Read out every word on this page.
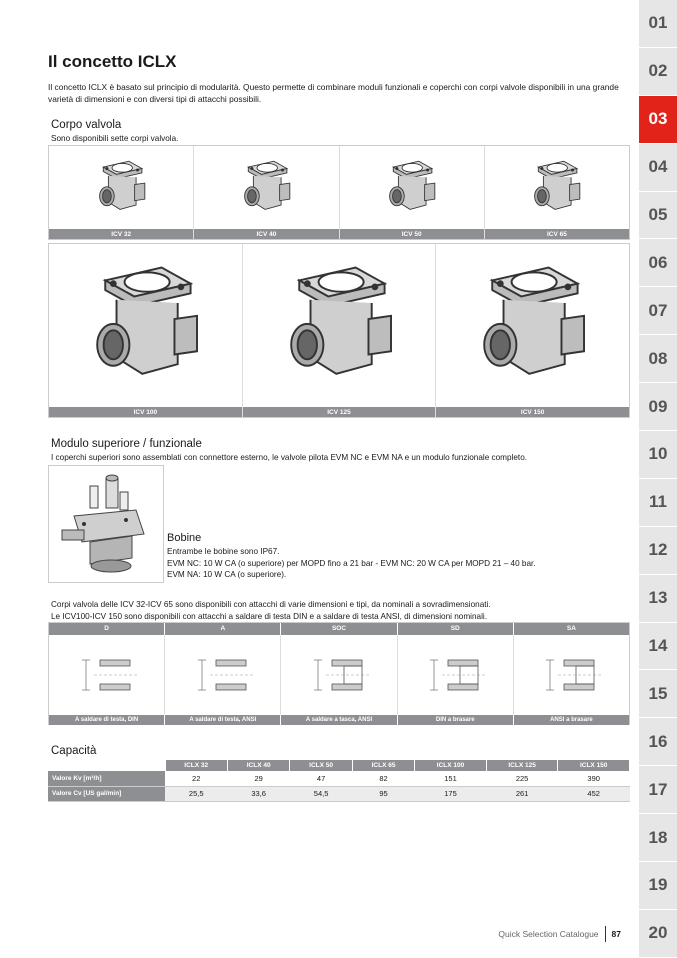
01
02
03
04
05
06
07
08
09
10
11
12
13
14
15
16
17
18
19
20
Il concetto ICLX
Il concetto ICLX è basato sul principio di modularità. Questo permette di combinare moduli funzionali e coperchi con corpi valvole disponibili in una grande varietà di dimensioni e con diversi tipi di attacchi possibili.
Corpo valvola
Sono disponibili sette corpi valvola.
ICV 32	ICV 40	ICV 50	ICV 65
ICV 100	ICV 125	ICV 150
Modulo superiore / funzionale
I coperchi superiori sono assemblati con connettore esterno, le valvole pilota EVM NC e EVM NA e un modulo funzionale completo.
Bobine
Entrambe le bobine sono IP67.
EVM NC: 10 W CA (o superiore) per MOPD fino a 21 bar - EVM NC: 20 W CA per MOPD 21 – 40 bar.
EVM NA: 10 W CA (o superiore).
Corpi valvola delle ICV 32-ICV 65 sono disponibili con attacchi di varie dimensioni e tipi, da nominali a sovradimensionati.
Le ICV100-ICV 150 sono disponibili con attacchi a saldare di testa DIN e a saldare di testa ANSI, di dimensioni nominali.
D	A	SOC	SD	SA
A saldare di testa, DIN	A saldare di testa, ANSI	A saldare a tasca, ANSI	DIN a brasare	ANSI a brasare
Capacità
	ICLX 32	ICLX 40	ICLX 50	ICLX 65	ICLX 100	ICLX 125	ICLX 150
Valore Kv [m³/h]	22	29	47	82	151	225	390
Valore Cv [US gal/min]	25,5	33,6	54,5	95	175	261	452
Quick Selection Catalogue 87
